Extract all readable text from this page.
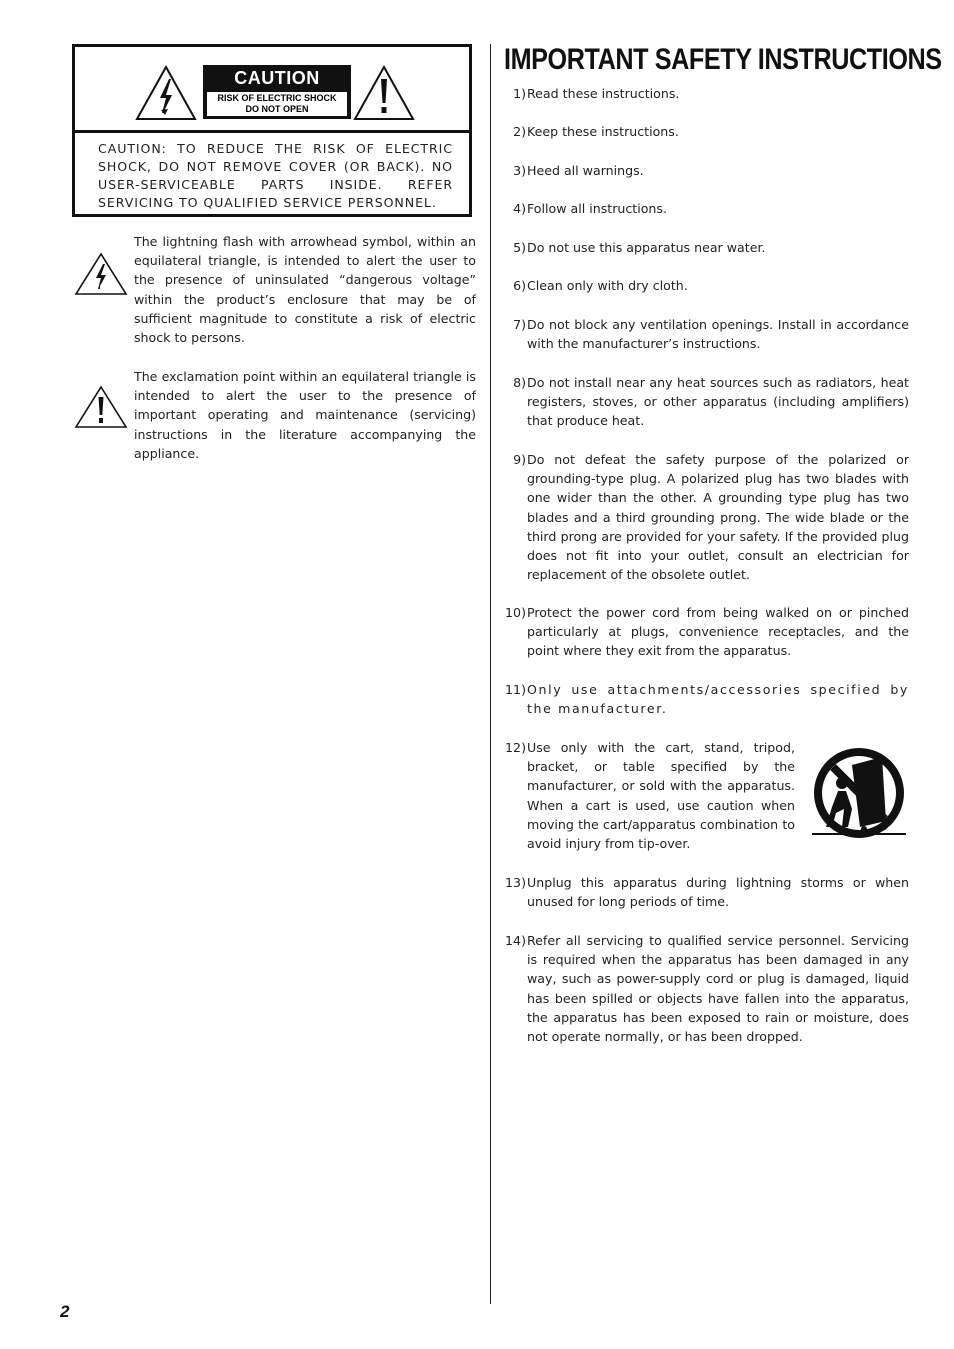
CAUTION
RISK OF ELECTRIC SHOCK
DO NOT OPEN
CAUTION: TO REDUCE THE RISK OF ELECTRIC SHOCK, DO NOT REMOVE COVER (OR BACK). NO USER-SERVICEABLE PARTS INSIDE. REFER SERVICING TO QUALIFIED SERVICE PERSONNEL.
The lightning flash with arrowhead symbol, within an equilateral triangle, is intended to alert the user to the presence of uninsulated “dangerous voltage” within the product’s enclosure that may be of sufficient magnitude to constitute a risk of electric shock to persons.
The exclamation point within an equilateral triangle is intended to alert the user to the presence of important operating and maintenance (servicing) instructions in the literature accompanying the appliance.
IMPORTANT SAFETY INSTRUCTIONS
1) Read these instructions.
2) Keep these instructions.
3) Heed all warnings.
4) Follow all instructions.
5) Do not use this apparatus near water.
6) Clean only with dry cloth.
7) Do not block any ventilation openings. Install in accordance with the manufacturer’s instructions.
8) Do not install near any heat sources such as radiators, heat registers, stoves, or other apparatus (including amplifiers) that produce heat.
9) Do not defeat the safety purpose of the polarized or grounding-type plug. A polarized plug has two blades with one wider than the other. A grounding type plug has two blades and a third grounding prong. The wide blade or the third prong are provided for your safety. If the provided plug does not fit into your outlet, consult an electrician for replacement of the obsolete outlet.
10) Protect the power cord from being walked on or pinched particularly at plugs, convenience receptacles, and the point where they exit from the apparatus.
11) Only use attachments/accessories specified by the manufacturer.
12) Use only with the cart, stand, tripod, bracket, or table specified by the manufacturer, or sold with the apparatus. When a cart is used, use caution when moving the cart/apparatus combination to avoid injury from tip-over.
13) Unplug this apparatus during lightning storms or when unused for long periods of time.
14) Refer all servicing to qualified service personnel. Servicing is required when the apparatus has been damaged in any way, such as power-supply cord or plug is damaged, liquid has been spilled or objects have fallen into the apparatus, the apparatus has been exposed to rain or moisture, does not operate normally, or has been dropped.
2
